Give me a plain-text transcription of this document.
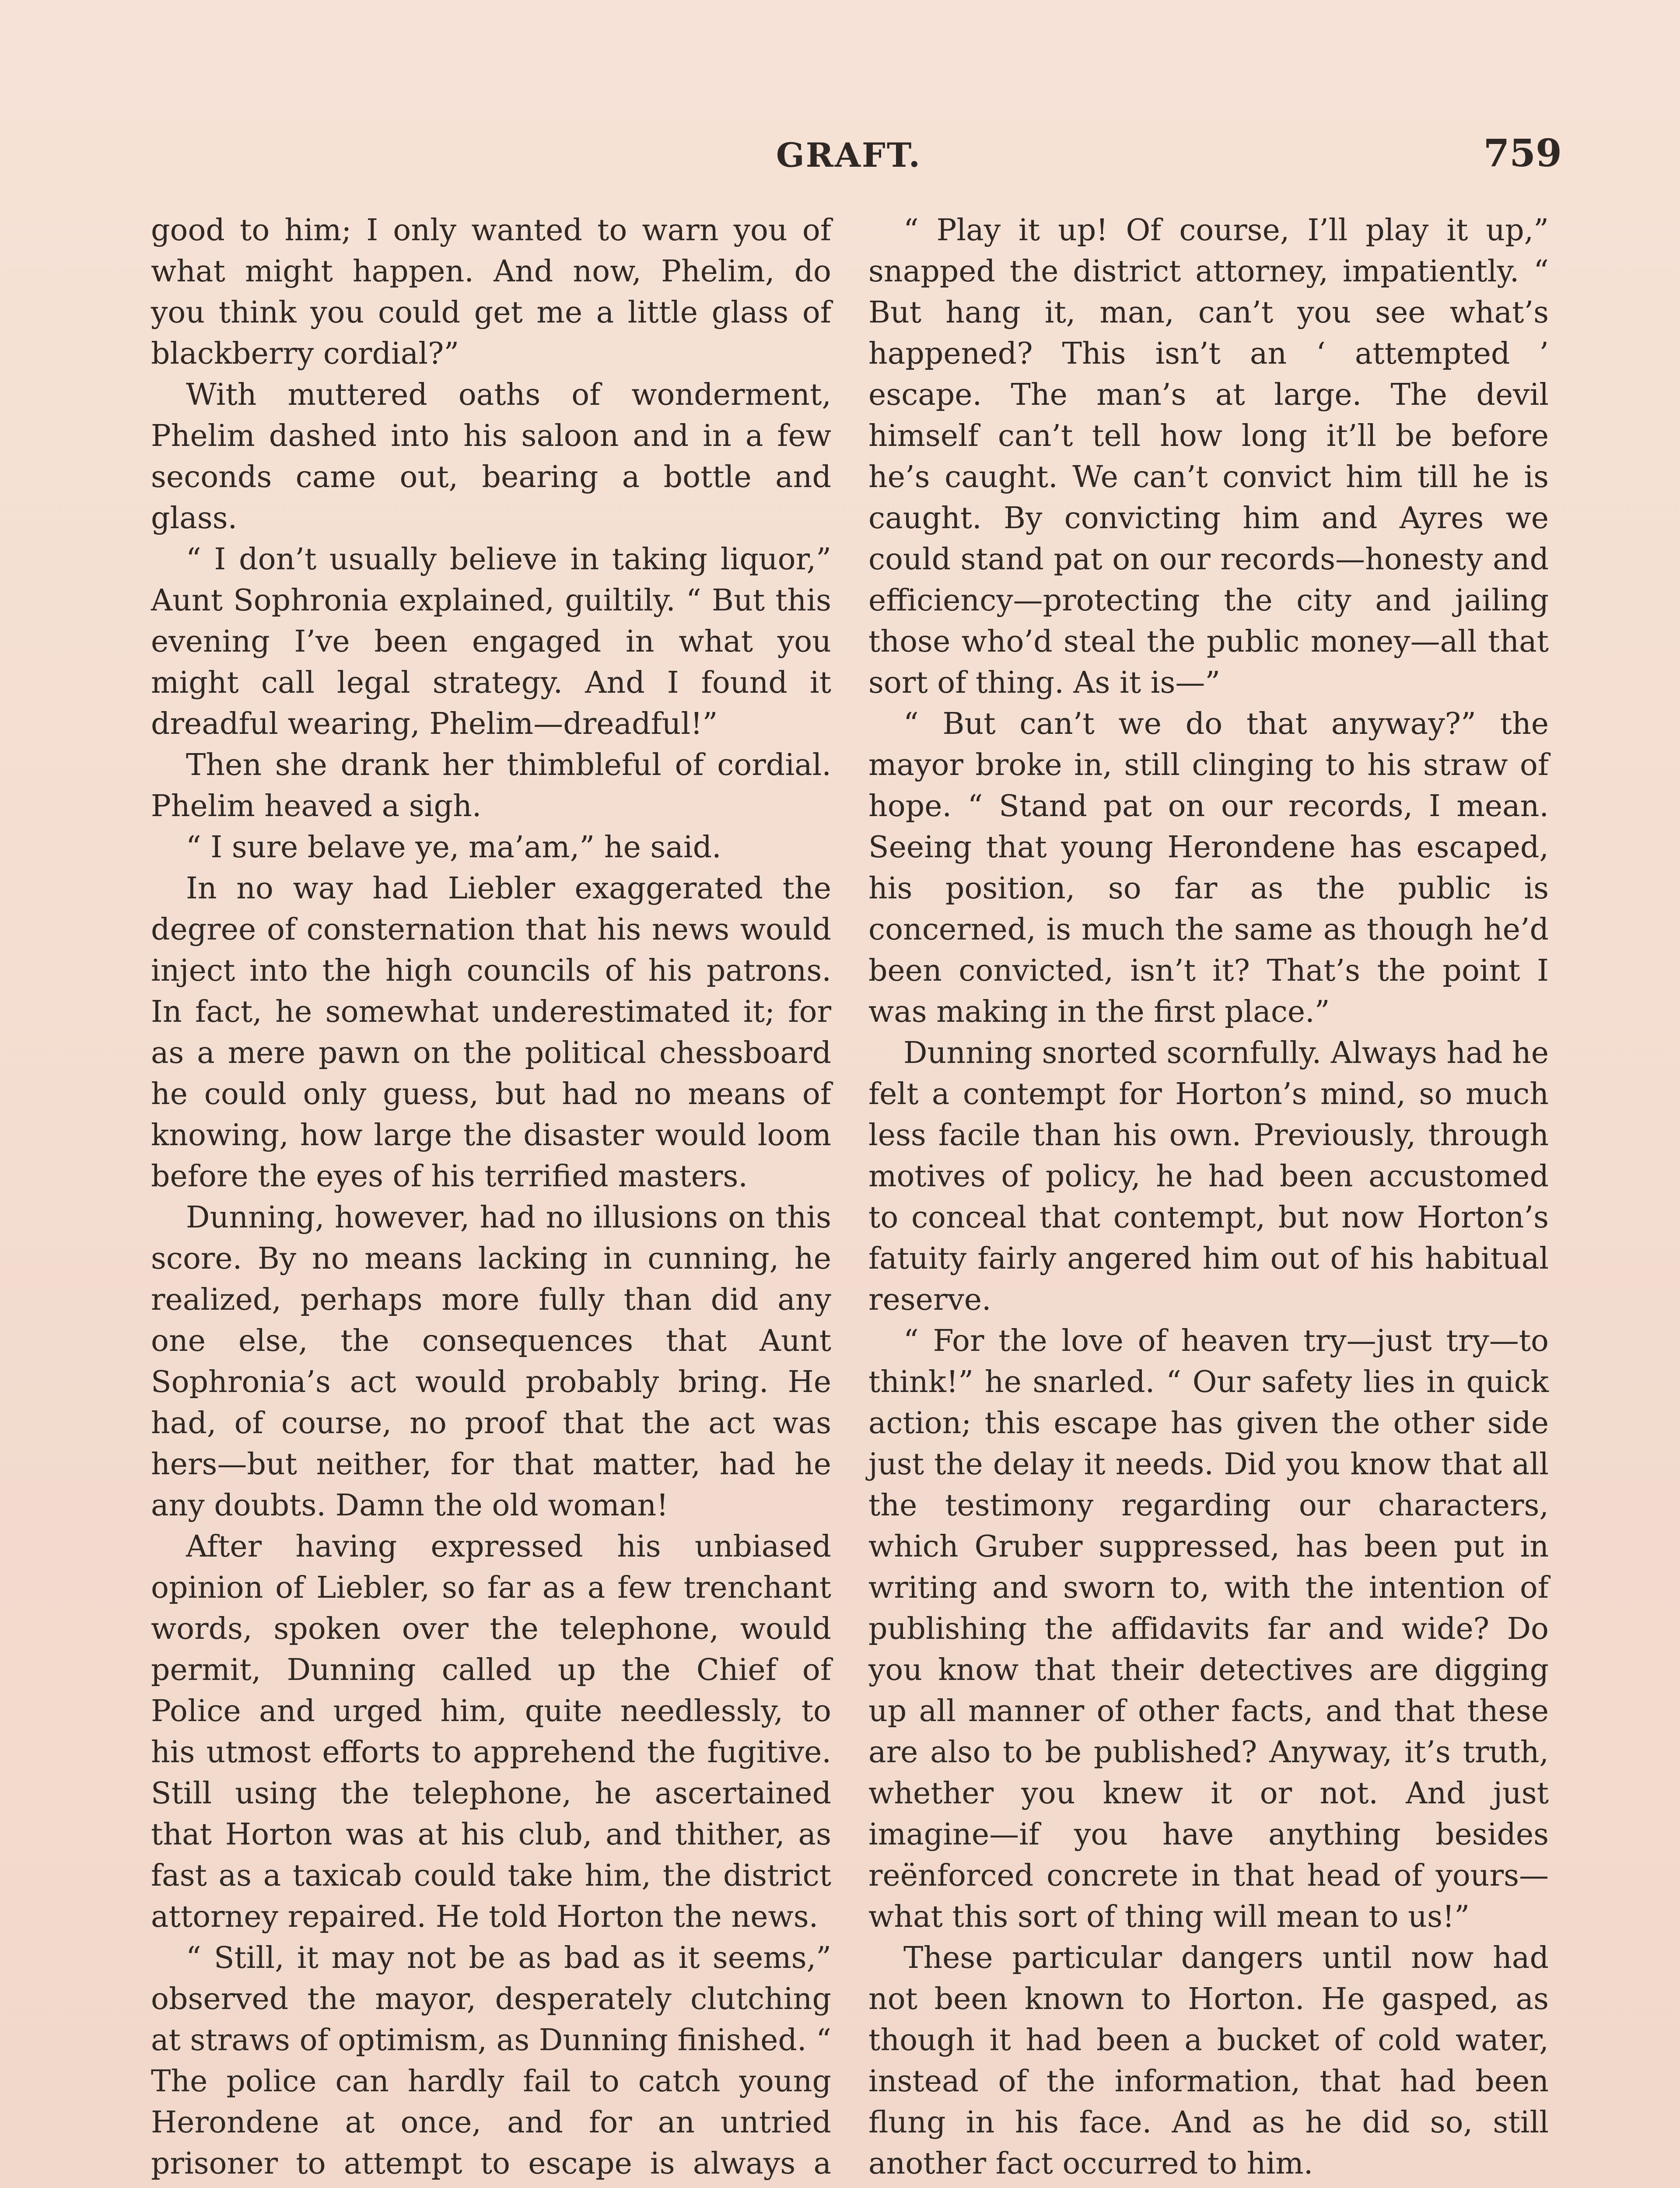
GRAFT.	759

good to him; I only wanted to warn you of what might happen. And now, Phelim, do you think you could get me a little glass of blackberry cordial?”

With muttered oaths of wonderment, Phelim dashed into his saloon and in a few seconds came out, bearing a bottle and glass.

“ I don’t usually believe in taking liquor,” Aunt Sophronia explained, guiltily. “ But this evening I’ve been engaged in what you might call legal strategy. And I found it dreadful wearing, Phelim—dreadful!”

Then she drank her thimbleful of cordial. Phelim heaved a sigh.

“ I sure belave ye, ma’am,” he said.

In no way had Liebler exaggerated the degree of consternation that his news would inject into the high councils of his patrons. In fact, he somewhat underestimated it; for as a mere pawn on the political chessboard he could only guess, but had no means of knowing, how large the disaster would loom before the eyes of his terrified masters.

Dunning, however, had no illusions on this score. By no means lacking in cunning, he realized, perhaps more fully than did any one else, the consequences that Aunt Sophronia’s act would probably bring. He had, of course, no proof that the act was hers—but neither, for that matter, had he any doubts. Damn the old woman!

After having expressed his unbiased opinion of Liebler, so far as a few trenchant words, spoken over the telephone, would permit, Dunning called up the Chief of Police and urged him, quite needlessly, to his utmost efforts to apprehend the fugitive. Still using the telephone, he ascertained that Horton was at his club, and thither, as fast as a taxicab could take him, the district attorney repaired. He told Horton the news.

“ Still, it may not be as bad as it seems,” observed the mayor, desperately clutching at straws of optimism, as Dunning finished. “ The police can hardly fail to catch young Herondene at once, and for an untried prisoner to attempt to escape is always a

“ Play it up! Of course, I’ll play it up,” snapped the district attorney, impatiently. “ But hang it, man, can’t you see what’s happened? This isn’t an ‘ attempted ’ escape. The man’s at large. The devil himself can’t tell how long it’ll be before he’s caught. We can’t convict him till he is caught. By convicting him and Ayres we could stand pat on our records—honesty and efficiency—protecting the city and jailing those who’d steal the public money—all that sort of thing. As it is—”

“ But can’t we do that anyway?” the mayor broke in, still clinging to his straw of hope. “ Stand pat on our records, I mean. Seeing that young Herondene has escaped, his position, so far as the public is concerned, is much the same as though he’d been convicted, isn’t it? That’s the point I was making in the first place.”

Dunning snorted scornfully. Always had he felt a contempt for Horton’s mind, so much less facile than his own. Previously, through motives of policy, he had been accustomed to conceal that contempt, but now Horton’s fatuity fairly angered him out of his habitual reserve.

“ For the love of heaven try—just try—to think!” he snarled. “ Our safety lies in quick action; this escape has given the other side just the delay it needs. Did you know that all the testimony regarding our characters, which Gruber suppressed, has been put in writing and sworn to, with the intention of publishing the affidavits far and wide? Do you know that their detectives are digging up all manner of other facts, and that these are also to be published? Anyway, it’s truth, whether you knew it or not. And just imagine—if you have anything besides reënforced concrete in that head of yours—what this sort of thing will mean to us!”

These particular dangers until now had not been known to Horton. He gasped, as though it had been a bucket of cold water, instead of the information, that had been flung in his face. And as he did so, still another fact occurred to him.
